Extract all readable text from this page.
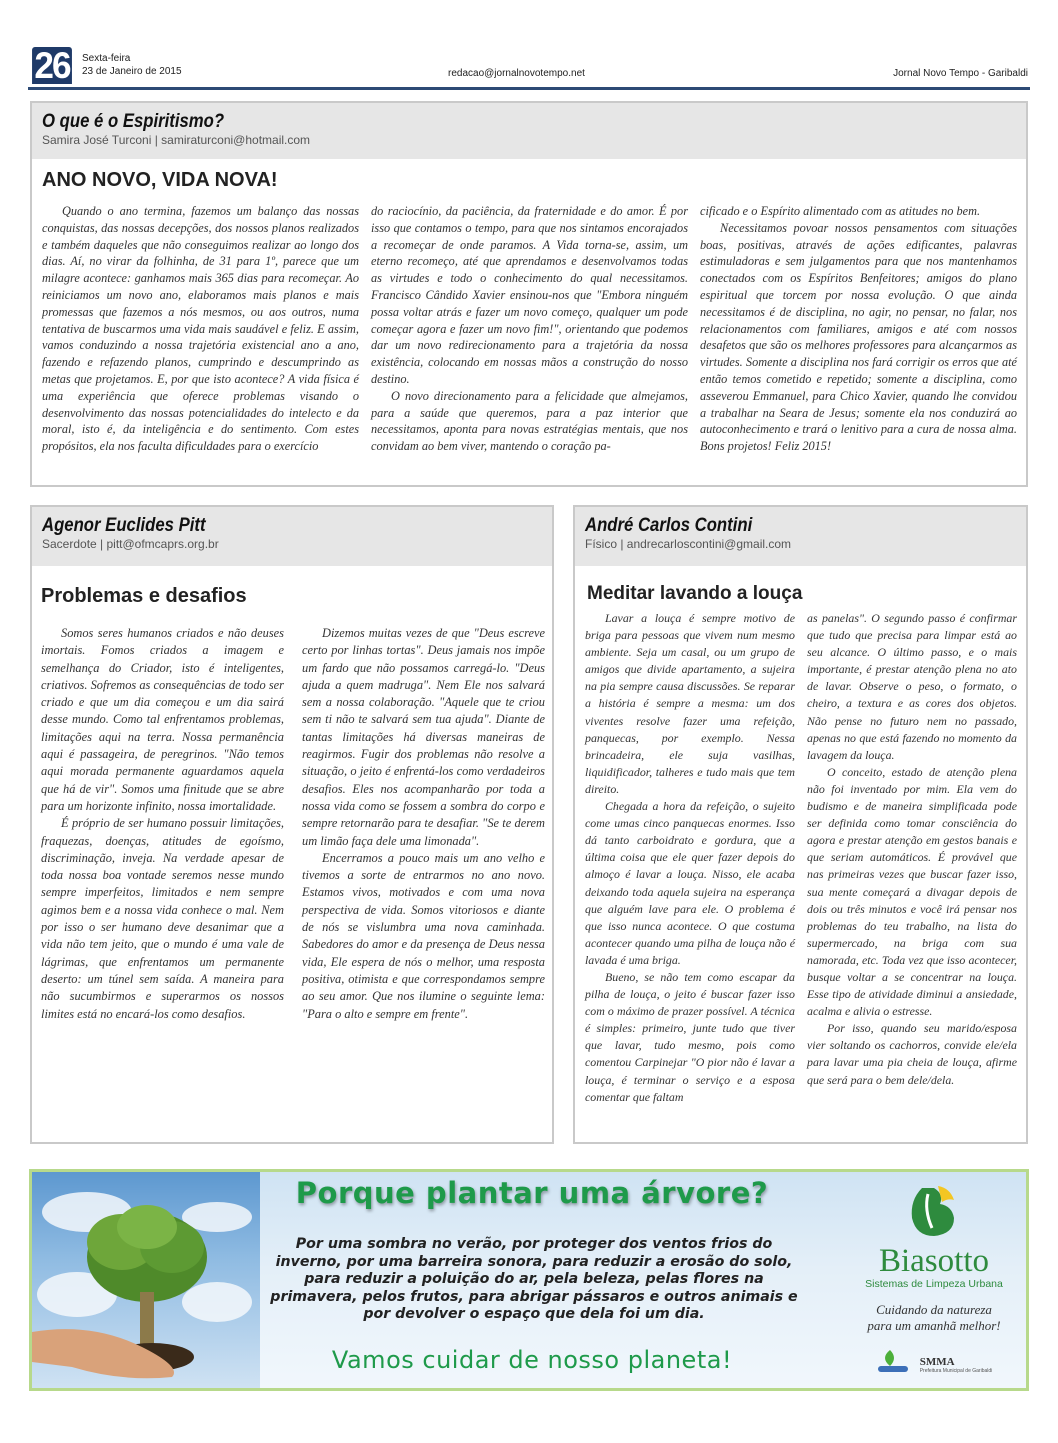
26 Sexta-feira
23 de Janeiro de 2015	redacao@jornalnovotempo.net	Jornal Novo Tempo - Garibaldi
O que é o Espiritismo?
Samira José Turconi | samiraturconi@hotmail.com
ANO NOVO, VIDA NOVA!

Quando o ano termina, fazemos um balanço das nossas conquistas, das nossas decepções, dos nossos planos realizados e também daqueles que não conseguimos realizar ao longo dos dias. Aí, no virar da folhinha, de 31 para 1º, parece que um milagre acontece: ganhamos mais 365 dias para recomeçar. Ao reiniciamos um novo ano, elaboramos mais planos e mais promessas que fazemos a nós mesmos, ou aos outros, numa tentativa de buscarmos uma vida mais saudável e feliz. E assim, vamos conduzindo a nossa trajetória existencial ano a ano, fazendo e refazendo planos, cumprindo e descumprindo as metas que projetamos. E, por que isto acontece? A vida física é uma experiência que oferece problemas visando o desenvolvimento das nossas potencialidades do intelecto e da moral, isto é, da inteligência e do sentimento. Com estes propósitos, ela nos faculta dificuldades para o exercício

do raciocínio, da paciência, da fraternidade e do amor. É por isso que contamos o tempo, para que nos sintamos encorajados a recomeçar de onde paramos. A Vida torna-se, assim, um eterno recomeço, até que aprendamos e desenvolvamos todas as virtudes e todo o conhecimento do qual necessitamos. Francisco Cândido Xavier ensinou-nos que "Embora ninguém possa voltar atrás e fazer um novo começo, qualquer um pode começar agora e fazer um novo fim!", orientando que podemos dar um novo redirecionamento para a trajetória da nossa existência, colocando em nossas mãos a construção do nosso destino.

O novo direcionamento para a felicidade que almejamos, para a saúde que queremos, para a paz interior que necessitamos, aponta para novas estratégias mentais, que nos convidam ao bem viver, mantendo o coração pa-

cificado e o Espírito alimentado com as atitudes no bem.

Necessitamos povoar nossos pensamentos com situações boas, positivas, através de ações edificantes, palavras estimuladoras e sem julgamentos para que nos mantenhamos conectados com os Espíritos Benfeitores; amigos do plano espiritual que torcem por nossa evolução. O que ainda necessitamos é de disciplina, no agir, no pensar, no falar, nos relacionamentos com familiares, amigos e até com nossos desafetos que são os melhores professores para alcançarmos as virtudes. Somente a disciplina nos fará corrigir os erros que até então temos cometido e repetido; somente a disciplina, como asseverou Emmanuel, para Chico Xavier, quando lhe convidou a trabalhar na Seara de Jesus; somente ela nos conduzirá ao autoconhecimento e trará o lenitivo para a cura de nossa alma. Bons projetos! Feliz 2015!

Agenor Euclides Pitt
Sacerdote | pitt@ofmcaprs.org.br
Problemas e desafios

Somos seres humanos criados e não deuses imortais. Fomos criados a imagem e semelhança do Criador, isto é inteligentes, criativos. Sofremos as consequências de todo ser criado e que um dia começou e um dia sairá desse mundo. Como tal enfrentamos problemas, limitações aqui na terra. Nossa permanência aqui é passageira, de peregrinos. "Não temos aqui morada permanente aguardamos aquela que há de vir". Somos uma finitude que se abre para um horizonte infinito, nossa imortalidade.

É próprio de ser humano possuir limitações, fraquezas, doenças, atitudes de egoísmo, discriminação, inveja. Na verdade apesar de toda nossa boa vontade seremos nesse mundo sempre imperfeitos, limitados e nem sempre agimos bem e a nossa vida conhece o mal. Nem por isso o ser humano deve desanimar que a vida não tem jeito, que o mundo é uma vale de lágrimas, que enfrentamos um permanente deserto: um túnel sem saída. A maneira para não sucumbirmos e superarmos os nossos limites está no encará-los como desafios.

Dizemos muitas vezes de que "Deus escreve certo por linhas tortas". Deus jamais nos impõe um fardo que não possamos carregá-lo. "Deus ajuda a quem madruga". Nem Ele nos salvará sem a nossa colaboração. "Aquele que te criou sem ti não te salvará sem tua ajuda". Diante de tantas limitações há diversas maneiras de reagirmos. Fugir dos problemas não resolve a situação, o jeito é enfrentá-los como verdadeiros desafios. Eles nos acompanharão por toda a nossa vida como se fossem a sombra do corpo e sempre retornarão para te desafiar. "Se te derem um limão faça dele uma limonada".

Encerramos a pouco mais um ano velho e tivemos a sorte de entrarmos no ano novo. Estamos vivos, motivados e com uma nova perspectiva de vida. Somos vitoriosos e diante de nós se vislumbra uma nova caminhada. Sabedores do amor e da presença de Deus nessa vida, Ele espera de nós o melhor, uma resposta positiva, otimista e que correspondamos sempre ao seu amor. Que nos ilumine o seguinte lema: "Para o alto e sempre em frente".

André Carlos Contini
Físico | andrecarloscontini@gmail.com
Meditar lavando a louça

Lavar a louça é sempre motivo de briga para pessoas que vivem num mesmo ambiente. Seja um casal, ou um grupo de amigos que divide apartamento, a sujeira na pia sempre causa discussões. Se reparar a história é sempre a mesma: um dos viventes resolve fazer uma refeição, panquecas, por exemplo. Nessa brincadeira, ele suja vasilhas, liquidificador, talheres e tudo mais que tem direito.

Chegada a hora da refeição, o sujeito come umas cinco panquecas enormes. Isso dá tanto carboidrato e gordura, que a última coisa que ele quer fazer depois do almoço é lavar a louça. Nisso, ele acaba deixando toda aquela sujeira na esperança que alguém lave para ele. O problema é que isso nunca acontece. O que costuma acontecer quando uma pilha de louça não é lavada é uma briga.

Bueno, se não tem como escapar da pilha de louça, o jeito é buscar fazer isso com o máximo de prazer possível. A técnica é simples: primeiro, junte tudo que tiver que lavar, tudo mesmo, pois como comentou Carpinejar "O pior não é lavar a louça, é terminar o serviço e a esposa comentar que faltam

as panelas". O segundo passo é confirmar que tudo que precisa para limpar está ao seu alcance. O último passo, e o mais importante, é prestar atenção plena no ato de lavar. Observe o peso, o formato, o cheiro, a textura e as cores dos objetos. Não pense no futuro nem no passado, apenas no que está fazendo no momento da lavagem da louça.

O conceito, estado de atenção plena não foi inventado por mim. Ela vem do budismo e de maneira simplificada pode ser definida como tomar consciência do agora e prestar atenção em gestos banais e que seriam automáticos. É provável que nas primeiras vezes que buscar fazer isso, sua mente começará a divagar depois de dois ou três minutos e você irá pensar nos problemas do teu trabalho, na lista do supermercado, na briga com sua namorada, etc. Toda vez que isso acontecer, busque voltar a se concentrar na louça. Esse tipo de atividade diminui a ansiedade, acalma e alivia o estresse.

Por isso, quando seu marido/esposa vier soltando os cachorros, convide ele/ela para lavar uma pia cheia de louça, afirme que será para o bem dele/dela.

Porque plantar uma árvore?
Por uma sombra no verão, por proteger dos ventos frios do inverno, por uma barreira sonora, para reduzir a erosão do solo, para reduzir a poluição do ar, pela beleza, pelas flores na primavera, pelos frutos, para abrigar pássaros e outros animais e por devolver o espaço que dela foi um dia.
Vamos cuidar de nosso planeta!
Biasotto
Sistemas de Limpeza Urbana
Cuidando da natureza
para um amanhã melhor!
SMMA
Prefeitura Municipal de Garibaldi
